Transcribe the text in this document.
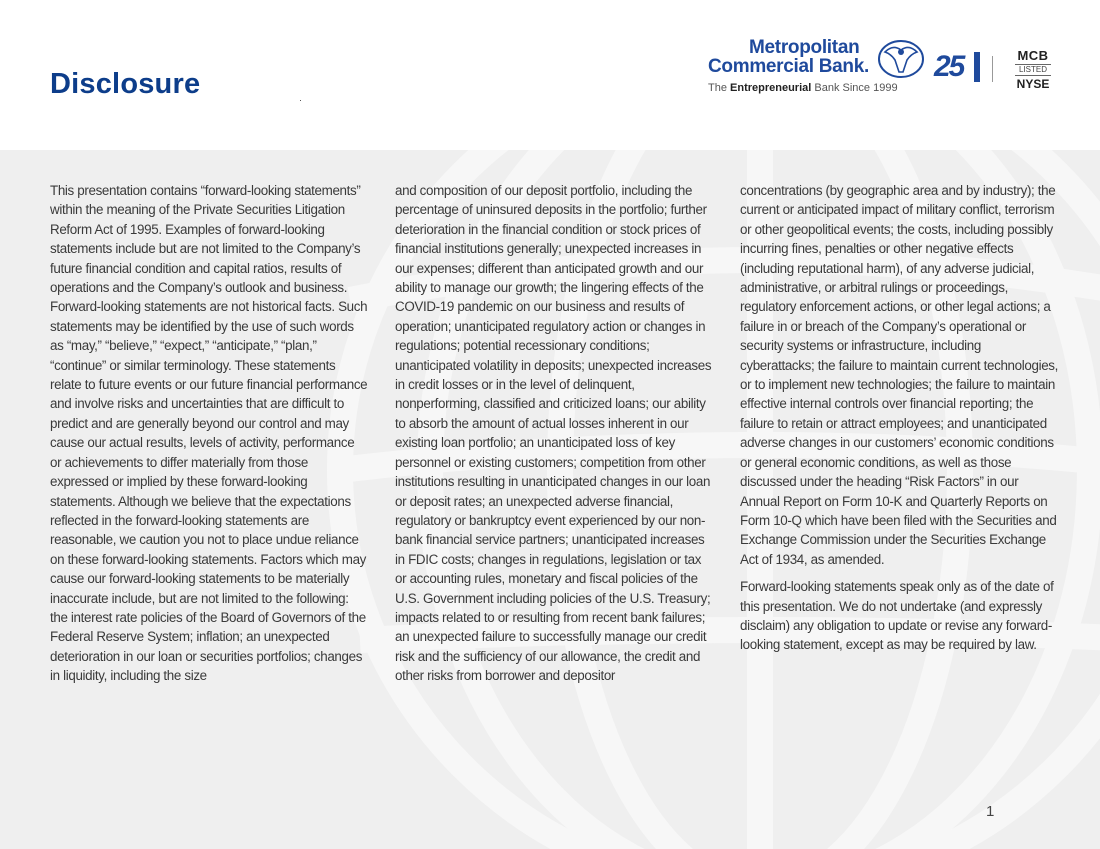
Disclosure
Metropolitan
Commercial Bank.
The Entrepreneurial Bank Since 1999
25	MCB
LISTED
NYSE

This presentation contains “forward-looking statements” within the meaning of the Private Securities Litigation Reform Act of 1995. Examples of forward-looking statements include but are not limited to the Company’s future financial condition and capital ratios, results of operations and the Company’s outlook and business. Forward-looking statements are not historical facts. Such statements may be identified by the use of such words as “may,” “believe,” “expect,” “anticipate,” “plan,” “continue” or similar terminology. These statements relate to future events or our future financial performance and involve risks and uncertainties that are difficult to predict and are generally beyond our control and may cause our actual results, levels of activity, performance or achievements to differ materially from those expressed or implied by these forward-looking statements. Although we believe that the expectations reflected in the forward-looking statements are reasonable, we caution you not to place undue reliance on these forward-looking statements. Factors which may cause our forward-looking statements to be materially inaccurate include, but are not limited to the following: the interest rate policies of the Board of Governors of the Federal Reserve System; inflation; an unexpected deterioration in our loan or securities portfolios; changes in liquidity, including the size

and composition of our deposit portfolio, including the percentage of uninsured deposits in the portfolio; further deterioration in the financial condition or stock prices of financial institutions generally; unexpected increases in our expenses; different than anticipated growth and our ability to manage our growth; the lingering effects of the COVID-19 pandemic on our business and results of operation; unanticipated regulatory action or changes in regulations; potential recessionary conditions; unanticipated volatility in deposits; unexpected increases in credit losses or in the level of delinquent, nonperforming, classified and criticized loans; our ability to absorb the amount of actual losses inherent in our existing loan portfolio; an unanticipated loss of key personnel or existing customers; competition from other institutions resulting in unanticipated changes in our loan or deposit rates; an unexpected adverse financial, regulatory or bankruptcy event experienced by our non-bank financial service partners; unanticipated increases in FDIC costs; changes in regulations, legislation or tax or accounting rules, monetary and fiscal policies of the U.S. Government including policies of the U.S. Treasury; impacts related to or resulting from recent bank failures; an unexpected failure to successfully manage our credit risk and the sufficiency of our allowance, the credit and other risks from borrower and depositor

concentrations (by geographic area and by industry); the current or anticipated impact of military conflict, terrorism or other geopolitical events; the costs, including possibly incurring fines, penalties or other negative effects (including reputational harm), of any adverse judicial, administrative, or arbitral rulings or proceedings, regulatory enforcement actions, or other legal actions; a failure in or breach of the Company’s operational or security systems or infrastructure, including cyberattacks; the failure to maintain current technologies, or to implement new technologies; the failure to maintain effective internal controls over financial reporting; the failure to retain or attract employees; and unanticipated adverse changes in our customers’ economic conditions or general economic conditions, as well as those discussed under the heading “Risk Factors” in our Annual Report on Form 10-K and Quarterly Reports on Form 10-Q which have been filed with the Securities and Exchange Commission under the Securities Exchange Act of 1934, as amended.

Forward-looking statements speak only as of the date of this presentation. We do not undertake (and expressly disclaim) any obligation to update or revise any forward-looking statement, except as may be required by law.

1
